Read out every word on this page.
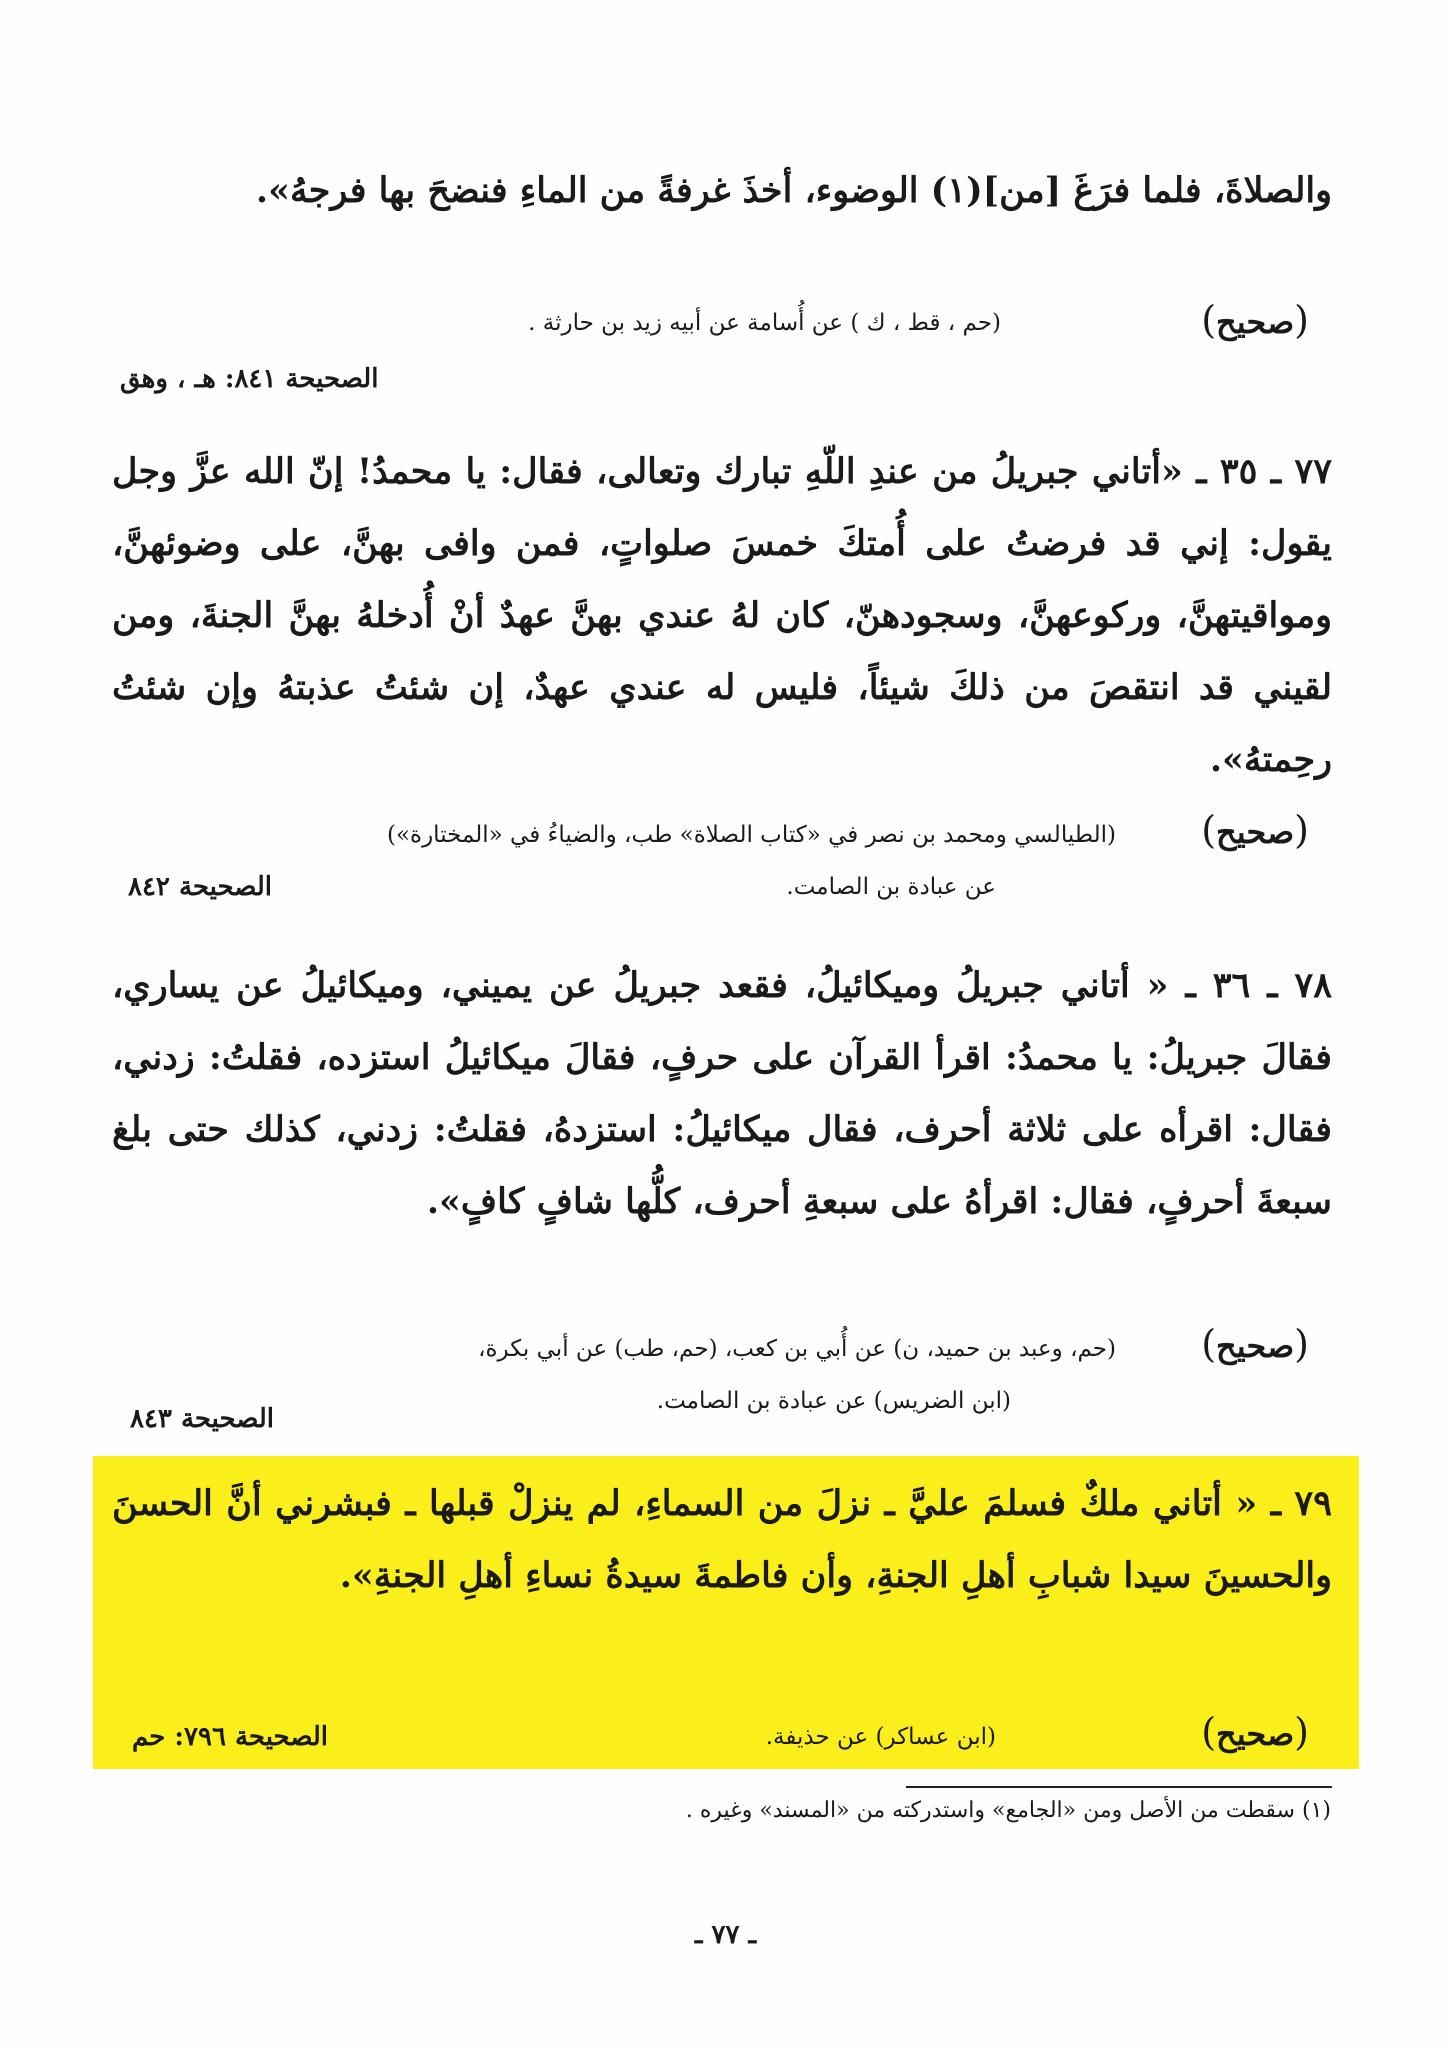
والصلاةَ، فلما فرَغَ [من](١) الوضوء، أخذَ غرفةً من الماءِ فنضحَ بها فرجهُ».
( صحيح )
(حم ، قط ، ك ) عن أُسامة عن أبيه زيد بن حارثة .
الصحيحة ٨٤١: هـ ، وهق
٧٧ ـ ٣٥ ـ «أتاني جبريلُ من عندِ اللّهِ تبارك وتعالى، فقال: يا محمدُ! إنّ الله عزَّ وجل يقول: إني قد فرضتُ على أُمتكَ خمسَ صلواتٍ، فمن وافى بهنَّ، على وضوئهنَّ، ومواقيتهنَّ، وركوعهنَّ، وسجودهنّ، كان لهُ عندي بهنَّ عهدٌ أنْ أُدخلهُ بهنَّ الجنةَ، ومن لقيني قد انتقصَ من ذلكَ شيئاً، فليس له عندي عهدٌ، إن شئتُ عذبتهُ وإن شئتُ رحِمتهُ».
( صحيح )
(الطيالسي ومحمد بن نصر في «كتاب الصلاة» طب، والضياءُ في «المختارة»)
عن عبادة بن الصامت.
الصحيحة ٨٤٢
٧٨ ـ ٣٦ ـ « أتاني جبريلُ وميكائيلُ، فقعد جبريلُ عن يميني، وميكائيلُ عن يساري، فقالَ جبريلُ: يا محمدُ: اقرأ القرآن على حرفٍ، فقالَ ميكائيلُ استزده، فقلتُ: زدني، فقال: اقرأه على ثلاثة أحرف، فقال ميكائيلُ: استزدهُ، فقلتُ: زدني، كذلك حتى بلغ سبعةَ أحرفٍ، فقال: اقرأهُ على سبعةِ أحرف، كلُّها شافٍ كافٍ».
( صحيح )
(حم، وعبد بن حميد، ن) عن أُبي بن كعب، (حم، طب) عن أبي بكرة،
(ابن الضريس) عن عبادة بن الصامت.
الصحيحة ٨٤٣
٧٩ ـ « أتاني ملكٌ فسلمَ عليَّ ـ نزلَ من السماءِ، لم ينزلْ قبلها ـ فبشرني أنَّ الحسنَ والحسينَ سيدا شبابِ أهلِ الجنةِ، وأن فاطمةَ سيدةُ نساءِ أهلِ الجنةِ».
( صحيح )
(ابن عساكر) عن حذيفة.
الصحيحة ٧٩٦: حم
(١) سقطت من الأصل ومن «الجامع» واستدركته من «المسند» وغيره .
ـ ٧٧ ـ
